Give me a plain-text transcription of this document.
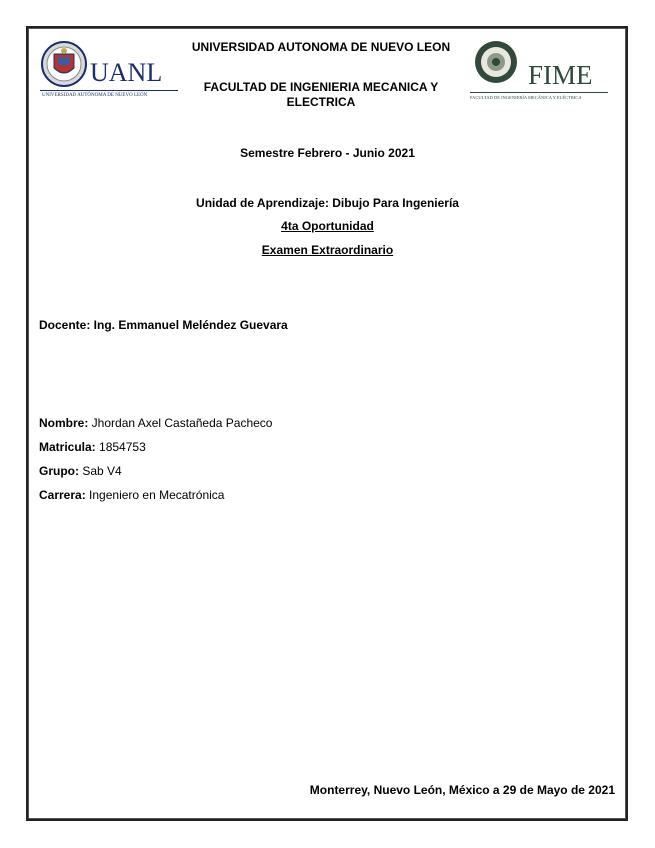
UANL
UNIVERSIDAD AUTÓNOMA DE NUEVO LEÓN
FIME
FACULTAD DE INGENIERÍA MECÁNICA Y ELÉCTRICA
UNIVERSIDAD AUTONOMA DE NUEVO LEON
FACULTAD DE INGENIERIA MECANICA Y ELECTRICA
Semestre Febrero - Junio 2021
Unidad de Aprendizaje: Dibujo Para Ingeniería
4ta Oportunidad
Examen Extraordinario
Docente: Ing. Emmanuel Meléndez Guevara
Nombre: Jhordan Axel Castañeda Pacheco
Matricula: 1854753
Grupo: Sab V4
Carrera: Ingeniero en Mecatrónica
Monterrey, Nuevo León, México a 29 de Mayo de 2021
